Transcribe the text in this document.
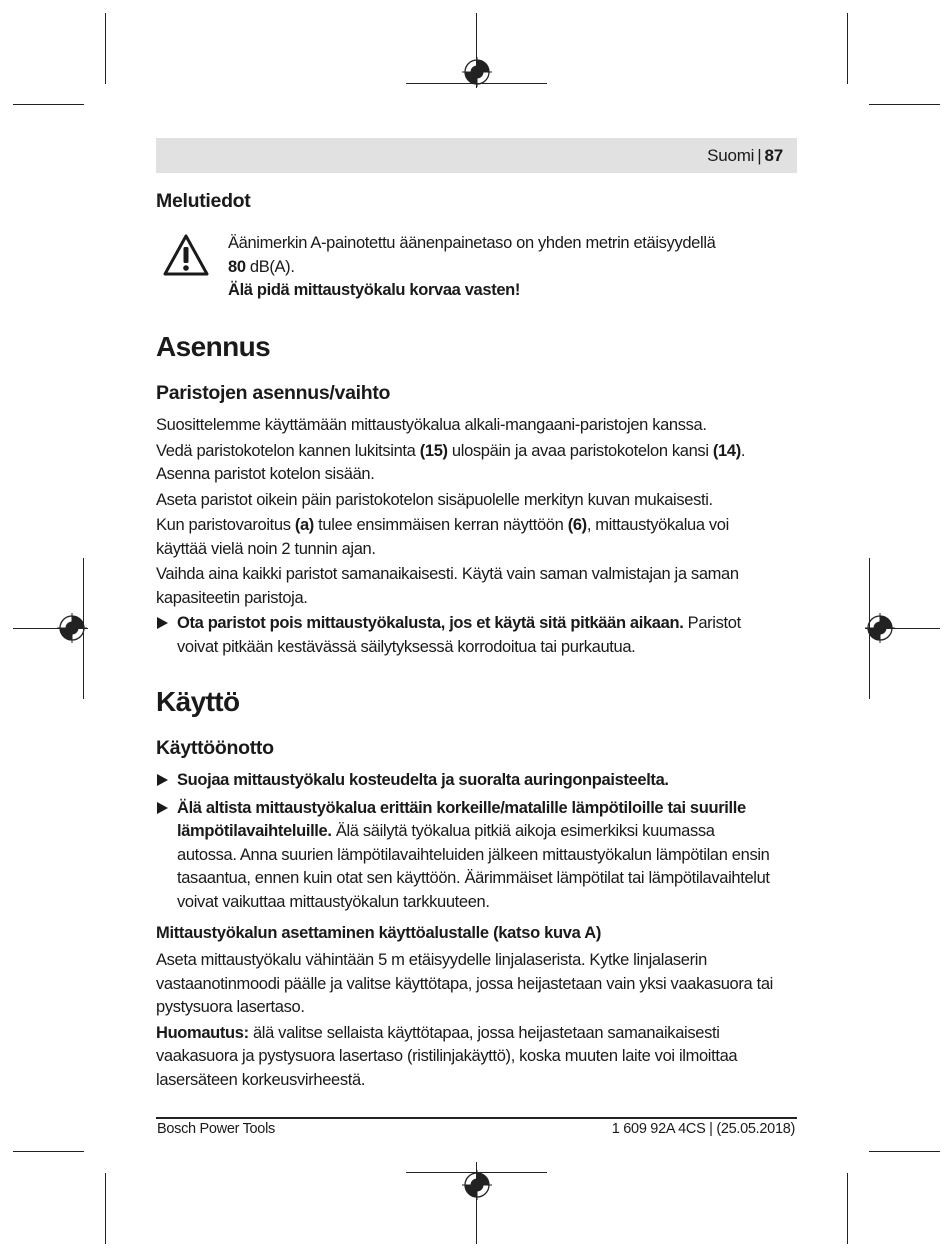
Suomi | 87
Melutiedot

Äänimerkin A-painotettu äänenpainetaso on yhden metrin etäisyydellä

80 dB(A).

Älä pidä mittaustyökalu korvaa vasten!

Asennus
Paristojen asennus/vaihto

Suosittelemme käyttämään mittaustyökalua alkali-mangaani-paristojen kanssa.

Vedä paristokotelon kannen lukitsinta (15) ulospäin ja avaa paristokotelon kansi (14).

Asenna paristot kotelon sisään.

Aseta paristot oikein päin paristokotelon sisäpuolelle merkityn kuvan mukaisesti.

Kun paristovaroitus (a) tulee ensimmäisen kerran näyttöön (6), mittaustyökalua voi

käyttää vielä noin 2 tunnin ajan.

Vaihda aina kaikki paristot samanaikaisesti. Käytä vain saman valmistajan ja saman

kapasiteetin paristoja.

Ota paristot pois mittaustyökalusta, jos et käytä sitä pitkään aikaan. Paristot

voivat pitkään kestävässä säilytyksessä korrodoitua tai purkautua.

Käyttö
Käyttöönotto

Suojaa mittaustyökalu kosteudelta ja suoralta auringonpaisteelta.

Älä altista mittaustyökalua erittäin korkeille/matalille lämpötiloille tai suurille

lämpötilavaihteluille. Älä säilytä työkalua pitkiä aikoja esimerkiksi kuumassa

autossa. Anna suurien lämpötilavaihteluiden jälkeen mittaustyökalun lämpötilan ensin

tasaantua, ennen kuin otat sen käyttöön. Äärimmäiset lämpötilat tai lämpötilavaihtelut

voivat vaikuttaa mittaustyökalun tarkkuuteen.

Mittaustyökalun asettaminen käyttöalustalle (katso kuva A)

Aseta mittaustyökalu vähintään 5 m etäisyydelle linjalaserista. Kytke linjalaserin

vastaanotinmoodi päälle ja valitse käyttötapa, jossa heijastetaan vain yksi vaakasuora tai

pystysuora lasertaso.

Huomautus: älä valitse sellaista käyttötapaa, jossa heijastetaan samanaikaisesti

vaakasuora ja pystysuora lasertaso (ristilinjakäyttö), koska muuten laite voi ilmoittaa

lasersäteen korkeusvirheestä.

Bosch Power Tools	1 609 92A 4CS | (25.05.2018)
